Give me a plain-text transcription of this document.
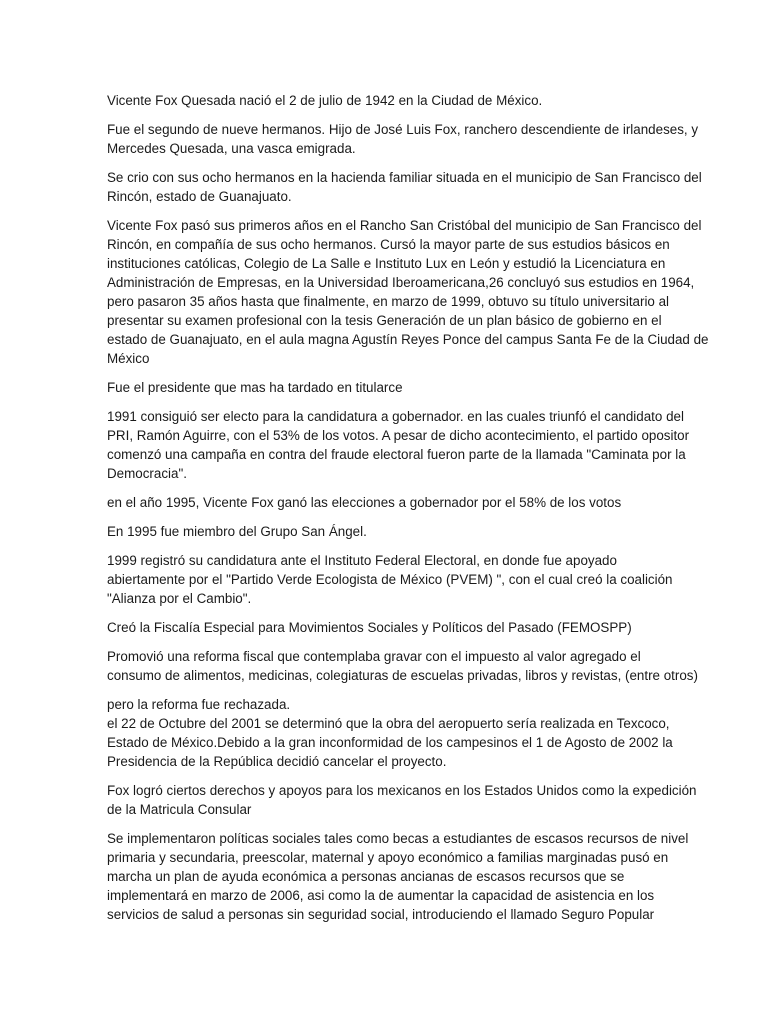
Vicente Fox Quesada nació el 2 de julio de 1942 en la Ciudad de México.

Fue el segundo de nueve hermanos. Hijo de José Luis Fox, ranchero descendiente de irlandeses, y
Mercedes Quesada, una vasca emigrada.

Se crio con sus ocho hermanos en la hacienda familiar situada en el municipio de San Francisco del
Rincón, estado de Guanajuato.

Vicente Fox pasó sus primeros años en el Rancho San Cristóbal del municipio de San Francisco del
Rincón, en compañía de sus ocho hermanos. Cursó la mayor parte de sus estudios básicos en
instituciones católicas, Colegio de La Salle e Instituto Lux en León y estudió la Licenciatura en
Administración de Empresas, en la Universidad Iberoamericana,26 concluyó sus estudios en 1964,
pero pasaron 35 años hasta que finalmente, en marzo de 1999, obtuvo su título universitario al
presentar su examen profesional con la tesis Generación de un plan básico de gobierno en el
estado de Guanajuato, en el aula magna Agustín Reyes Ponce del campus Santa Fe de la Ciudad de
México

Fue el presidente que mas ha tardado en titularce

1991 consiguió ser electo para la candidatura a gobernador. en las cuales triunfó el candidato del
PRI, Ramón Aguirre, con el 53% de los votos. A pesar de dicho acontecimiento, el partido opositor
comenzó una campaña en contra del fraude electoral fueron parte de la llamada "Caminata por la
Democracia".

en el año 1995, Vicente Fox ganó las elecciones a gobernador por el 58% de los votos

En 1995 fue miembro del Grupo San Ángel.

1999 registró su candidatura ante el Instituto Federal Electoral, en donde fue apoyado
abiertamente por el "Partido Verde Ecologista de México (PVEM) ", con el cual creó la coalición
"Alianza por el Cambio".

Creó la Fiscalía Especial para Movimientos Sociales y Políticos del Pasado (FEMOSPP)

Promovió una reforma fiscal que contemplaba gravar con el impuesto al valor agregado el
consumo de alimentos, medicinas, colegiaturas de escuelas privadas, libros y revistas, (entre otros)

pero la reforma fue rechazada.
el 22 de Octubre del 2001 se determinó que la obra del aeropuerto sería realizada en Texcoco,
Estado de México.Debido a la gran inconformidad de los campesinos el 1 de Agosto de 2002 la
Presidencia de la República decidió cancelar el proyecto.

Fox logró ciertos derechos y apoyos para los mexicanos en los Estados Unidos como la expedición
de la Matricula Consular

Se implementaron políticas sociales tales como becas a estudiantes de escasos recursos de nivel
primaria y secundaria, preescolar, maternal y apoyo económico a familias marginadas pusó en
marcha un plan de ayuda económica a personas ancianas de escasos recursos que se
implementará en marzo de 2006, asi como la de aumentar la capacidad de asistencia en los
servicios de salud a personas sin seguridad social, introduciendo el llamado Seguro Popular
